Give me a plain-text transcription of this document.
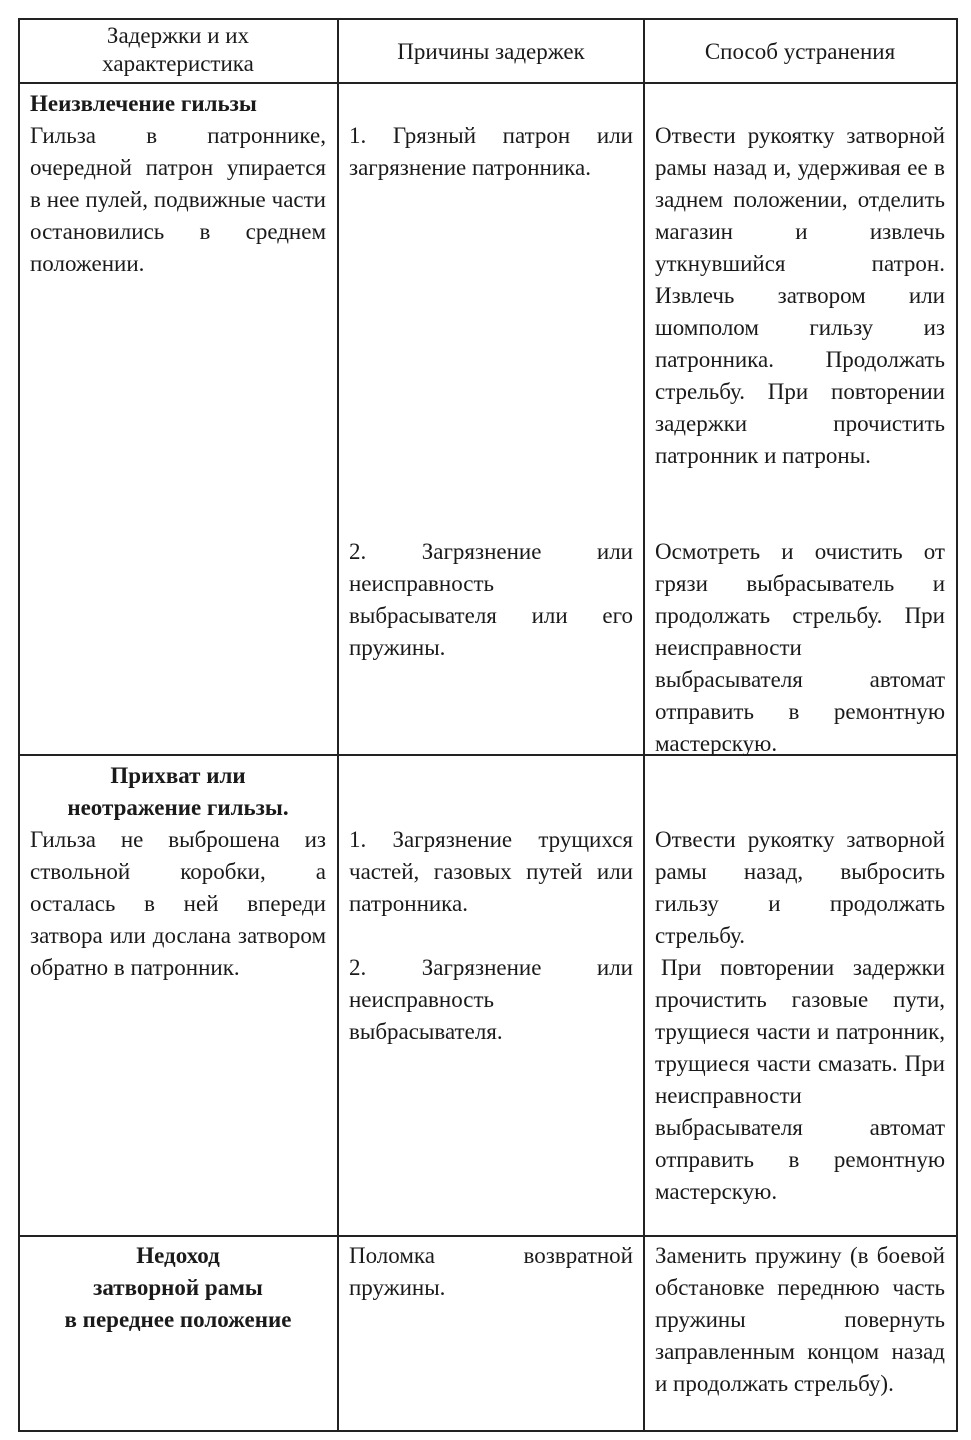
Задержки и их характеристика	Причины задержек	Способ устранения

Неизвлечение гильзы

Гильза в патроннике, очередной патрон упирается в нее пулей, подвижные части остановились в среднем положении.

1. Грязный патрон или загрязнение патронника.
Отвести рукоятку затворной рамы назад и, удерживая ее в заднем положении, отделить магазин и извлечь уткнувшийся патрон. Извлечь затвором или шомполом гильзу из патронника. Продолжать стрельбу. При повторении задержки прочистить патронник и патроны.
2. Загрязнение или неисправность выбрасывателя или его пружины.
Осмотреть и очистить от грязи выбрасыватель и продолжать стрельбу. При неисправности выбрасывателя автомат отправить в ремонтную мастерскую.

Прихват или

неотражение гильзы.

Гильза не выброшена из ствольной коробки, а осталась в ней впереди затвора или дослана затвором обратно в патронник.

1. Загрязнение трущихся частей, газовых путей или патронника.
2. Загрязнение или неисправность выбрасывателя.
Отвести рукоятку затворной рамы назад, выбросить гильзу и продолжать стрельбу.
При повторении задержки прочистить газовые пути, трущиеся части и патронник, трущиеся части смазать. При неисправности выбрасывателя автомат отправить в ремонтную мастерскую.

Недоход

затворной рамы

в переднее положение

Поломка возвратной пружины.
Заменить пружину (в боевой обстановке переднюю часть пружины повернуть заправленным концом назад и продолжать стрельбу).
